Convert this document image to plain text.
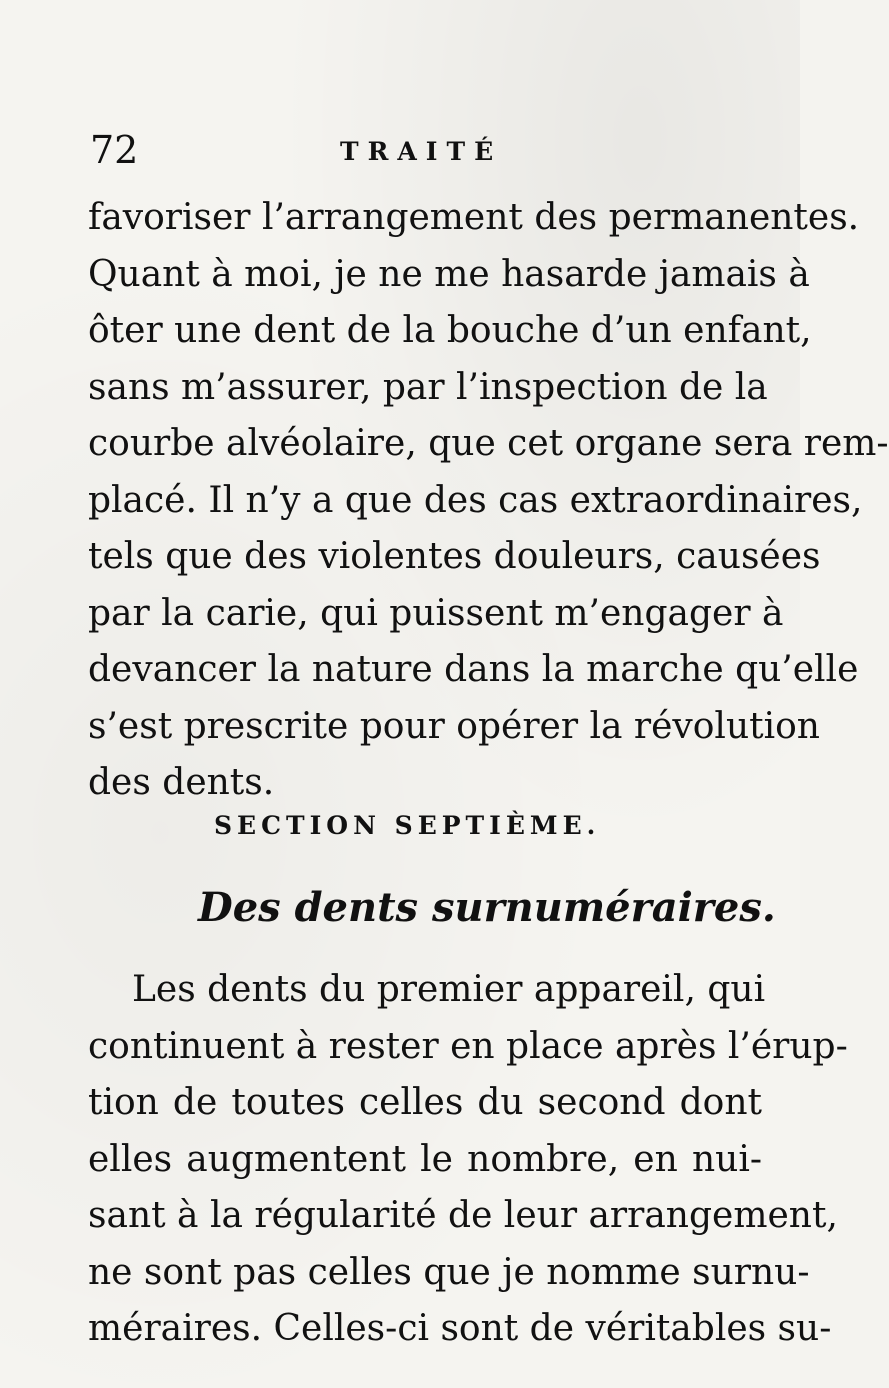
72	TRAITÉ

favoriser l’arrangement des permanentes.
Quant à moi, je ne me hasarde jamais à
ôter une dent de la bouche d’un enfant,
sans m’assurer, par l’inspection de la
courbe alvéolaire, que cet organe sera rem-
placé. Il n’y a que des cas extraordinaires,
tels que des violentes douleurs, causées
par la carie, qui puissent m’engager à
devancer la nature dans la marche qu’elle
s’est prescrite pour opérer la révolution
des dents.

SECTION SEPTIÈME.
Des dents surnuméraires.

Les dents du premier appareil, qui
continuent à rester en place après l’érup-
tion de toutes celles du second dont
elles augmentent le nombre, en nui-
sant à la régularité de leur arrangement,
ne sont pas celles que je nomme surnu-
méraires. Celles-ci sont de véritables su-
